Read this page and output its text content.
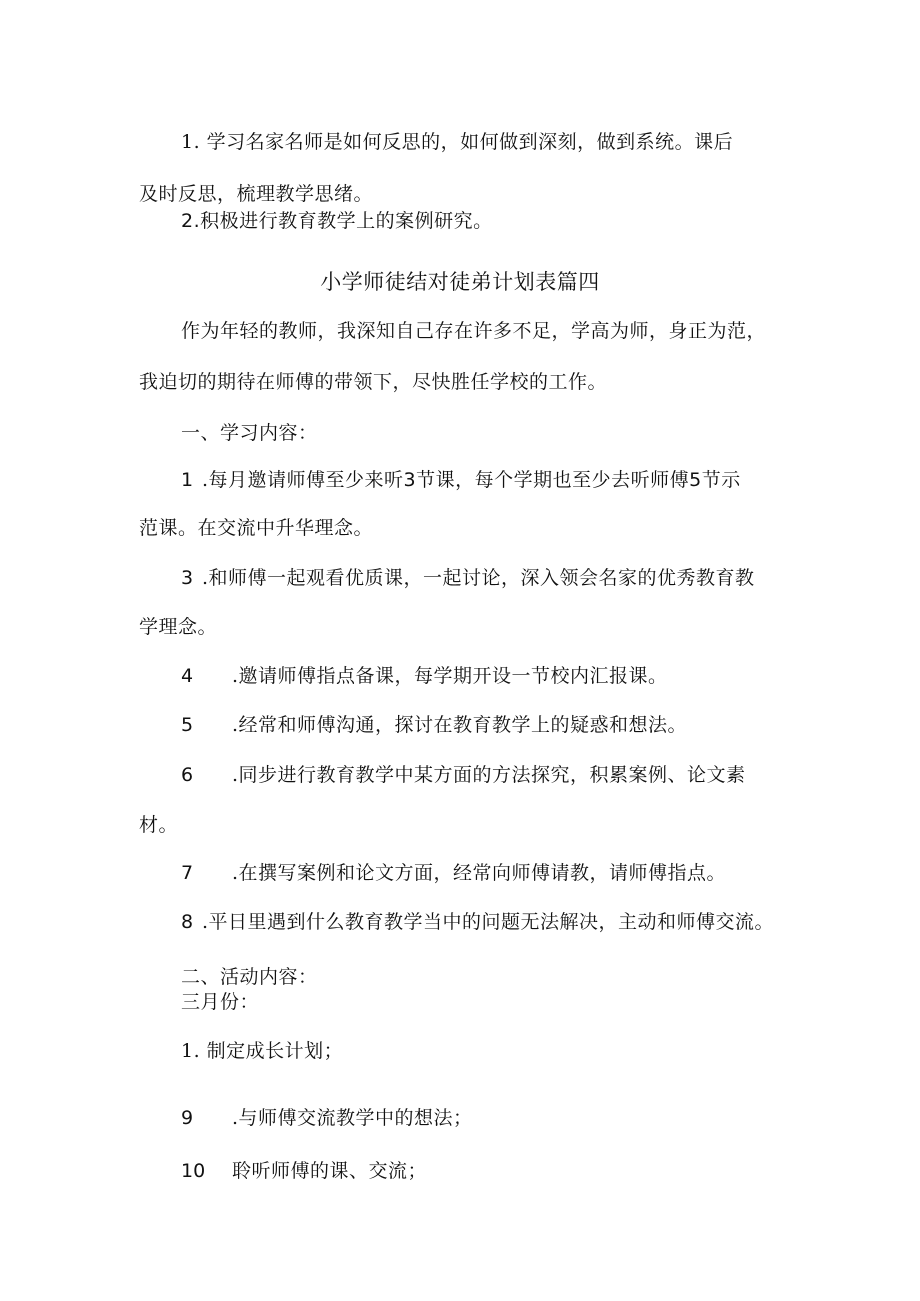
1. 学习名家名师是如何反思的，如何做到深刻，做到系统。课后
及时反思，梳理教学思绪。
2.积极进行教育教学上的案例研究。
小学师徒结对徒弟计划表篇四
作为年轻的教师，我深知自己存在许多不足，学高为师，身正为范，
我迫切的期待在师傅的带领下，尽快胜任学校的工作。
一、学习内容：
1 .每月邀请师傅至少来听3节课，每个学期也至少去听师傅5节示
范课。在交流中升华理念。
3 .和师傅一起观看优质课，一起讨论，深入领会名家的优秀教育教
学理念。
4 .邀请师傅指点备课，每学期开设一节校内汇报课。
5 .经常和师傅沟通，探讨在教育教学上的疑惑和想法。
6 .同步进行教育教学中某方面的方法探究，积累案例、论文素
材。
7 .在撰写案例和论文方面，经常向师傅请教，请师傅指点。
8 .平日里遇到什么教育教学当中的问题无法解决，主动和师傅交流。
二、活动内容：
三月份：
1. 制定成长计划；
9 .与师傅交流教学中的想法；
10 聆听师傅的课、交流；
